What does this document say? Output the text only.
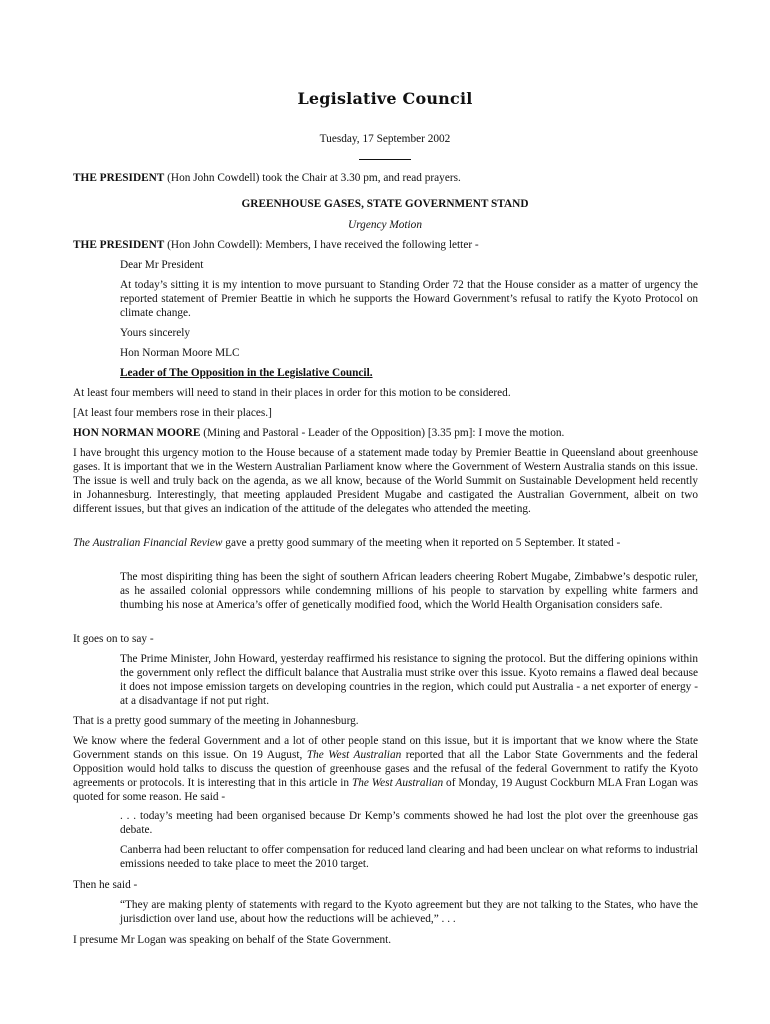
Legislative Council
Tuesday, 17 September 2002

THE PRESIDENT (Hon John Cowdell) took the Chair at 3.30 pm, and read prayers.

GREENHOUSE GASES, STATE GOVERNMENT STAND

Urgency Motion

THE PRESIDENT (Hon John Cowdell): Members, I have received the following letter -

Dear Mr President

At today’s sitting it is my intention to move pursuant to Standing Order 72 that the House consider as a matter of urgency the reported statement of Premier Beattie in which he supports the Howard Government’s refusal to ratify the Kyoto Protocol on climate change.

Yours sincerely

Hon Norman Moore MLC

Leader of The Opposition in the Legislative Council.

At least four members will need to stand in their places in order for this motion to be considered.

[At least four members rose in their places.]

HON NORMAN MOORE (Mining and Pastoral - Leader of the Opposition) [3.35 pm]: I move the motion.

I have brought this urgency motion to the House because of a statement made today by Premier Beattie in Queensland about greenhouse gases. It is important that we in the Western Australian Parliament know where the Government of Western Australia stands on this issue. The issue is well and truly back on the agenda, as we all know, because of the World Summit on Sustainable Development held recently in Johannesburg. Interestingly, that meeting applauded President Mugabe and castigated the Australian Government, albeit on two different issues, but that gives an indication of the attitude of the delegates who attended the meeting.

The Australian Financial Review gave a pretty good summary of the meeting when it reported on 5 September. It stated -

The most dispiriting thing has been the sight of southern African leaders cheering Robert Mugabe, Zimbabwe’s despotic ruler, as he assailed colonial oppressors while condemning millions of his people to starvation by expelling white farmers and thumbing his nose at America’s offer of genetically modified food, which the World Health Organisation considers safe.

It goes on to say -

The Prime Minister, John Howard, yesterday reaffirmed his resistance to signing the protocol. But the differing opinions within the government only reflect the difficult balance that Australia must strike over this issue. Kyoto remains a flawed deal because it does not impose emission targets on developing countries in the region, which could put Australia - a net exporter of energy - at a disadvantage if not put right.

That is a pretty good summary of the meeting in Johannesburg.

We know where the federal Government and a lot of other people stand on this issue, but it is important that we know where the State Government stands on this issue. On 19 August, The West Australian reported that all the Labor State Governments and the federal Opposition would hold talks to discuss the question of greenhouse gases and the refusal of the federal Government to ratify the Kyoto agreements or protocols. It is interesting that in this article in The West Australian of Monday, 19 August Cockburn MLA Fran Logan was quoted for some reason. He said -

. . . today’s meeting had been organised because Dr Kemp’s comments showed he had lost the plot over the greenhouse gas debate.

Canberra had been reluctant to offer compensation for reduced land clearing and had been unclear on what reforms to industrial emissions needed to take place to meet the 2010 target.

Then he said -

“They are making plenty of statements with regard to the Kyoto agreement but they are not talking to the States, who have the jurisdiction over land use, about how the reductions will be achieved,” . . .

I presume Mr Logan was speaking on behalf of the State Government.
